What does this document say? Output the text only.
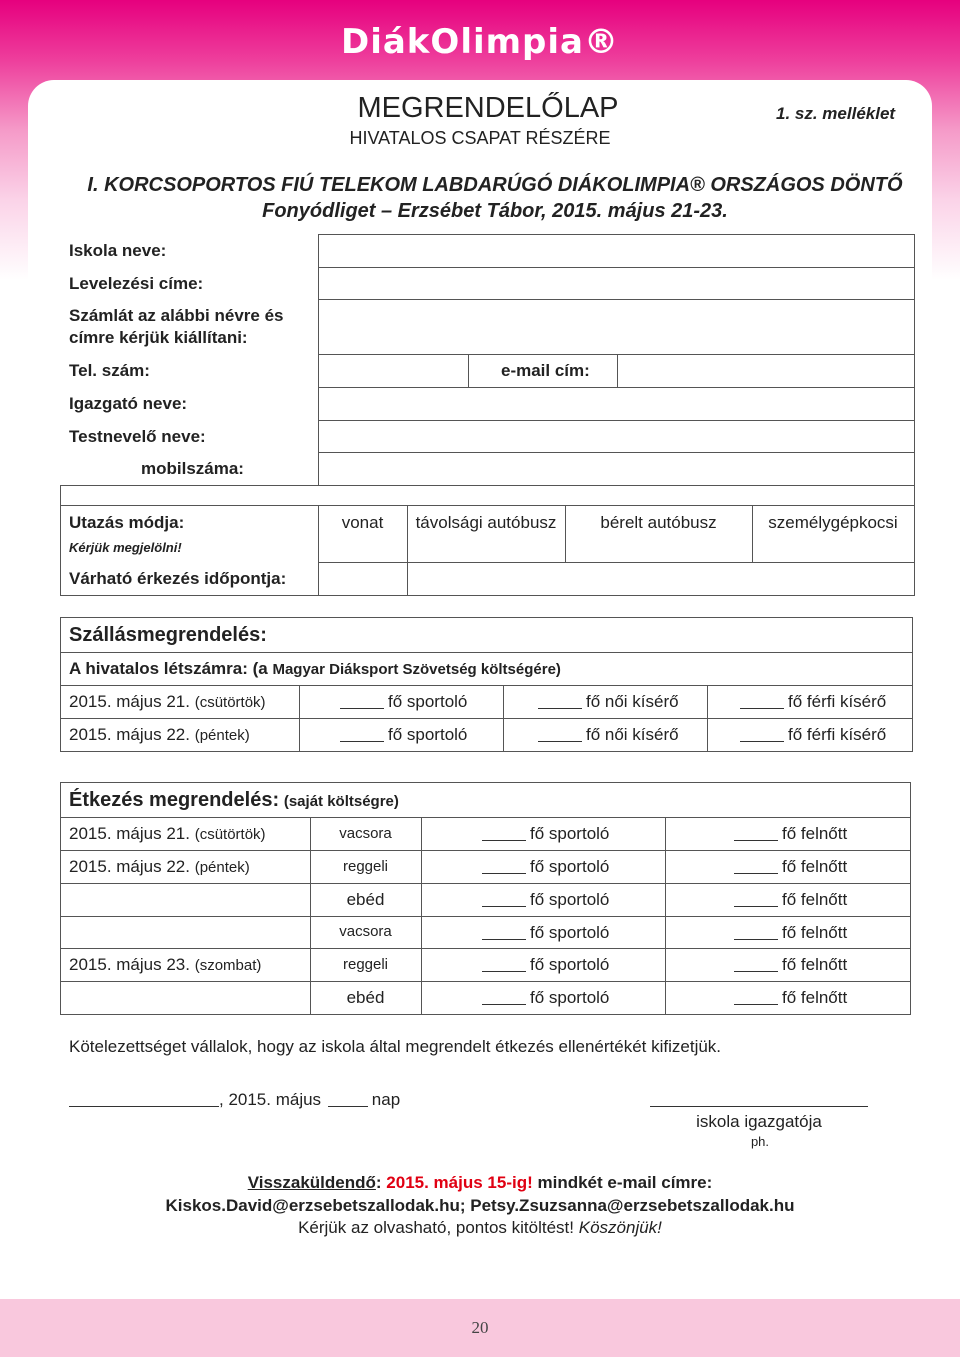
DiákOlimpia®
MEGRENDELŐLAP
HIVATALOS CSAPAT RÉSZÉRE
1. sz. melléklet
I. KORCSOPORTOS FIÚ TELEKOM LABDARÚGÓ DIÁKOLIMPIA® ORSZÁGOS DÖNTŐ
Fonyódliget – Erzsébet Tábor, 2015. május 21-23.
Iskola neve:
Levelezési címe:
Számlát az alábbi névre és
címre kérjük kiállítani:
Tel. szám:	e-mail cím:
Igazgató neve:
Testnevelő neve:
mobilszáma:
Utazás módja:
Kérjük megjelölni!
vonat	távolsági autóbusz	bérelt autóbusz	személygépkocsi
Várható érkezés időpontja:
Szállásmegrendelés:
A hivatalos létszámra: (a Magyar Diáksport Szövetség költségére)
2015. május 21. (csütörtök)	fő sportoló	fő női kísérő	fő férfi kísérő
2015. május 22. (péntek)	fő sportoló	fő női kísérő	fő férfi kísérő
Étkezés megrendelés: (saját költségre)
2015. május 21. (csütörtök)	vacsora	fő sportoló	fő felnőtt
2015. május 22. (péntek)	reggeli	fő sportoló	fő felnőtt
ebéd	fő sportoló	fő felnőtt
vacsora	fő sportoló	fő felnőtt
2015. május 23. (szombat)	reggeli	fő sportoló	fő felnőtt
ebéd	fő sportoló	fő felnőtt
Kötelezettséget vállalok, hogy az iskola által megrendelt étkezés ellenértékét kifizetjük.
, 2015. május	nap
iskola igazgatója
ph.
Visszaküldendő: 2015. május 15-ig! mindkét e-mail címre:
Kiskos.David@erzsebetszallodak.hu; Petsy.Zsuzsanna@erzsebetszallodak.hu
Kérjük az olvasható, pontos kitöltést! Köszönjük!
20
